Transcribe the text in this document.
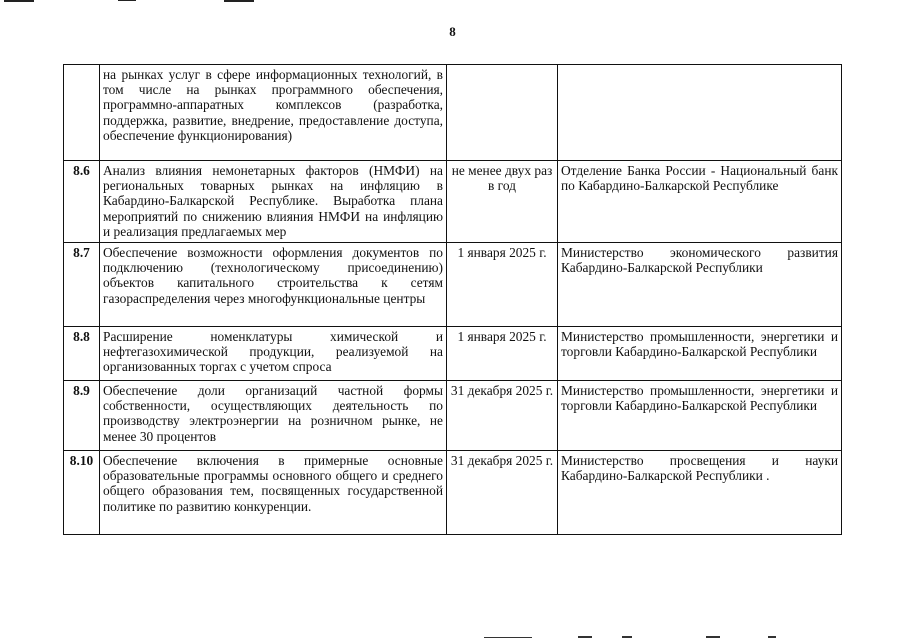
8
	на рынках услуг в сфере информационных технологий, в том числе на рынках программного обеспечения, программно-аппаратных комплексов (разработка, поддержка, развитие, внедрение, предоставление доступа, обеспечение функционирования)		
8.6	Анализ влияния немонетарных факторов (НМФИ) на региональных товарных рынках на инфляцию в Кабардино-Балкарской Республике. Выработка плана мероприятий по снижению влияния НМФИ на инфляцию и реализация предлагаемых мер	не менее двух раз в год	Отделение Банка России - Национальный банк по Кабардино-Балкарской Республике
8.7	Обеспечение возможности оформления документов по подключению (технологическому присоединению) объектов капитального строительства к сетям газораспределения через многофункциональные центры	1 января 2025 г.	Министерство экономического развития Кабардино-Балкарской Республики
8.8	Расширение номенклатуры химической и нефтегазохимической продукции, реализуемой на организованных торгах с учетом спроса	1 января 2025 г.	Министерство промышленности, энергетики и торговли Кабардино-Балкарской Республики
8.9	Обеспечение доли организаций частной формы собственности, осуществляющих деятельность по производству электроэнергии на розничном рынке, не менее 30 процентов	31 декабря 2025 г.	Министерство промышленности, энергетики и торговли Кабардино-Балкарской Республики
8.10	Обеспечение включения в примерные основные образовательные программы основного общего и среднего общего образования тем, посвященных государственной политике по развитию конкуренции.	31 декабря 2025 г.	Министерство просвещения и науки Кабардино-Балкарской Республики .
